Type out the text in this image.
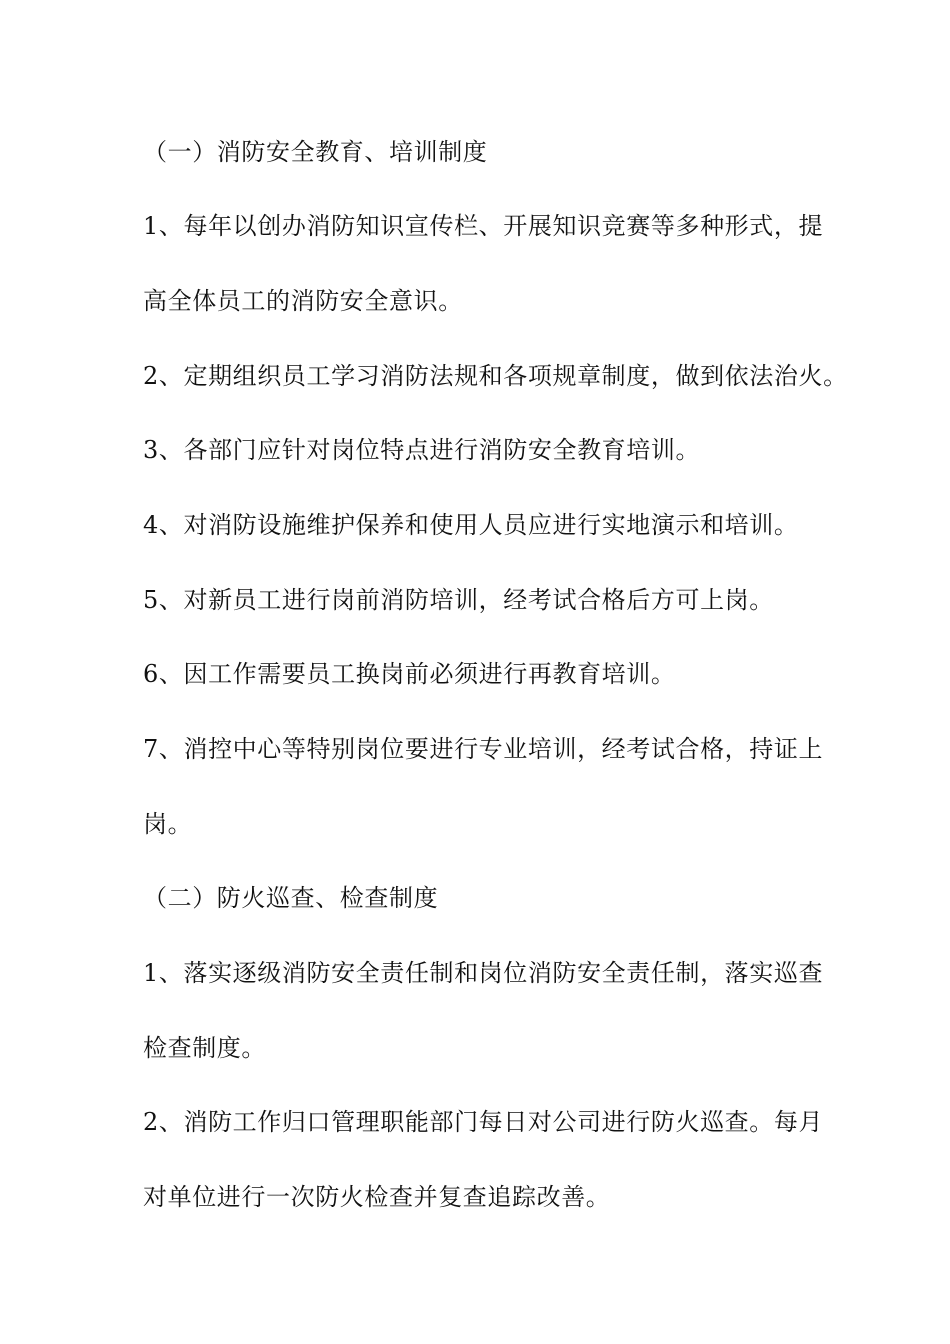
（一）消防安全教育、培训制度
1、每年以创办消防知识宣传栏、开展知识竞赛等多种形式，提
高全体员工的消防安全意识。
2、定期组织员工学习消防法规和各项规章制度，做到依法治火。
3、各部门应针对岗位特点进行消防安全教育培训。
4、对消防设施维护保养和使用人员应进行实地演示和培训。
5、对新员工进行岗前消防培训，经考试合格后方可上岗。
6、因工作需要员工换岗前必须进行再教育培训。
7、消控中心等特别岗位要进行专业培训，经考试合格，持证上
岗。
（二）防火巡查、检查制度
1、落实逐级消防安全责任制和岗位消防安全责任制，落实巡查
检查制度。
2、消防工作归口管理职能部门每日对公司进行防火巡查。每月
对单位进行一次防火检查并复查追踪改善。
